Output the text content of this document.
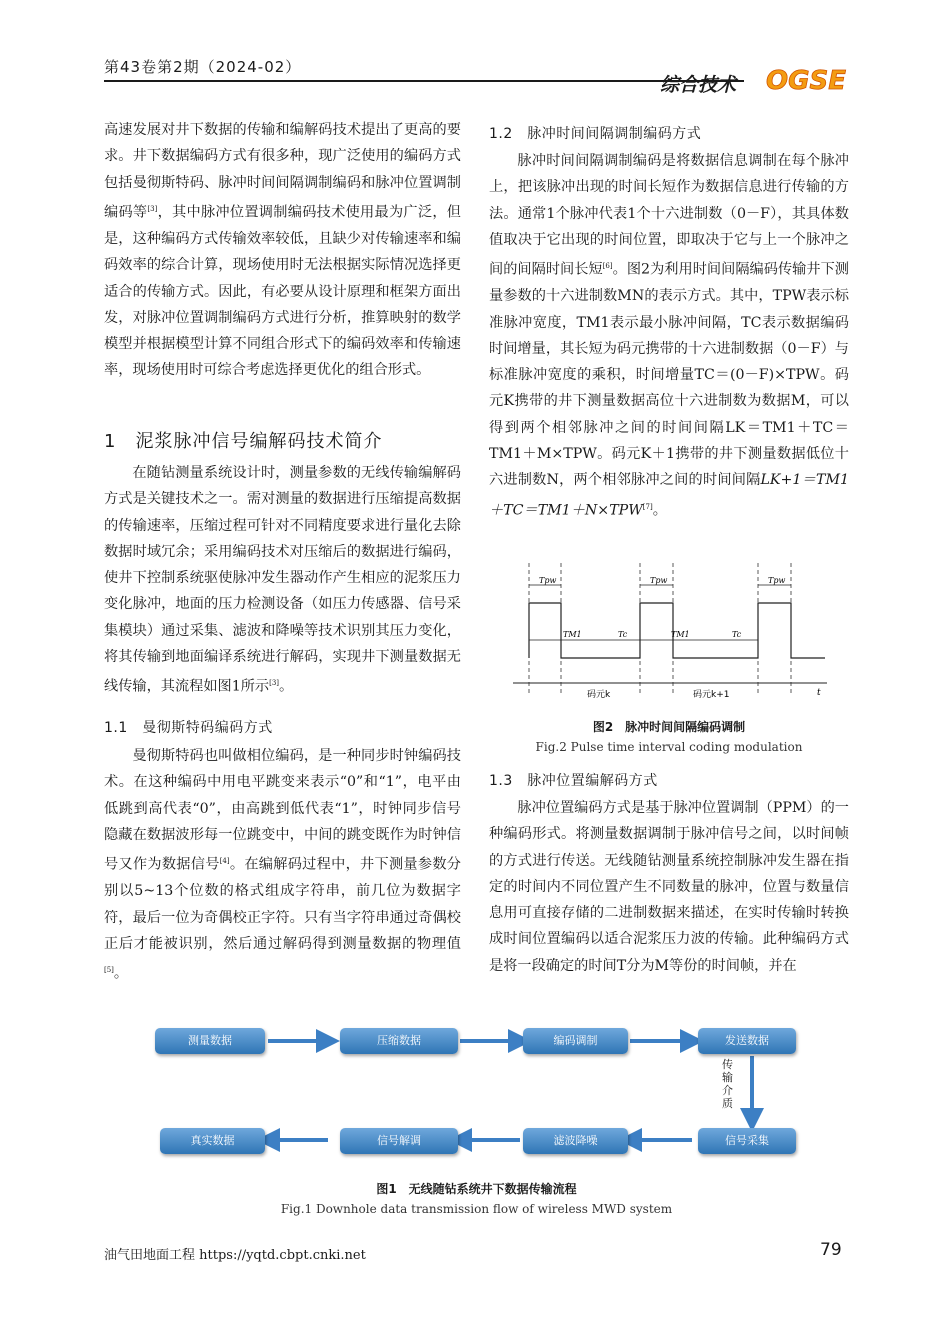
第43卷第2期（2024-02）
综合技术 OGSE

高速发展对井下数据的传输和编解码技术提出了更高的要求。井下数据编码方式有很多种，现广泛使用的编码方式包括曼彻斯特码、脉冲时间间隔调制编码和脉冲位置调制编码等[3]，其中脉冲位置调制编码技术使用最为广泛，但是，这种编码方式传输效率较低，且缺少对传输速率和编码效率的综合计算，现场使用时无法根据实际情况选择更适合的传输方式。因此，有必要从设计原理和框架方面出发，对脉冲位置调制编码方式进行分析，推算映射的数学模型并根据模型计算不同组合形式下的编码效率和传输速率，现场使用时可综合考虑选择更优化的组合形式。

1　泥浆脉冲信号编解码技术简介

在随钻测量系统设计时，测量参数的无线传输编解码方式是关键技术之一。需对测量的数据进行压缩提高数据的传输速率，压缩过程可针对不同精度要求进行量化去除数据时域冗余；采用编码技术对压缩后的数据进行编码，使井下控制系统驱使脉冲发生器动作产生相应的泥浆压力变化脉冲，地面的压力检测设备（如压力传感器、信号采集模块）通过采集、滤波和降噪等技术识别其压力变化，将其传输到地面编译系统进行解码，实现井下测量数据无线传输，其流程如图1所示[3]。

1.1　曼彻斯特码编码方式

曼彻斯特码也叫做相位编码，是一种同步时钟编码技术。在这种编码中用电平跳变来表示“0”和“1”，电平由低跳到高代表“0”，由高跳到低代表“1”，时钟同步信号隐藏在数据波形每一位跳变中，中间的跳变既作为时钟信号又作为数据信号[4]。在编解码过程中，井下测量参数分别以5~13个位数的格式组成字符串，前几位为数据字符，最后一位为奇偶校正字符。只有当字符串通过奇偶校正后才能被识别，然后通过解码得到测量数据的物理值[5]。

1.2　脉冲时间间隔调制编码方式

脉冲时间间隔调制编码是将数据信息调制在每个脉冲上，把该脉冲出现的时间长短作为数据信息进行传输的方法。通常1个脉冲代表1个十六进制数（0－F），其具体数值取决于它出现的时间位置，即取决于它与上一个脉冲之间的间隔时间长短[6]。图2为利用时间间隔编码传输井下测量参数的十六进制数MN的表示方式。其中，TPW表示标准脉冲宽度，TM1表示最小脉冲间隔，TC表示数据编码时间增量，其长短为码元携带的十六进制数据（0－F）与标准脉冲宽度的乘积，时间增量TC＝(0－F)×TPW。码元K携带的井下测量数据高位十六进制数为数据M，可以得到两个相邻脉冲之间的时间间隔LK＝TM1＋TC＝TM1＋M×TPW。码元K＋1携带的井下测量数据低位十六进制数N，两个相邻脉冲之间的时间间隔LK+1＝TM1＋TC＝TM1＋N×TPW[7]。

Tpw	Tpw	Tpw
TM1	Tc	TM1	Tc
码元k	码元k+1	t
图2　脉冲时间间隔编码调制
Fig.2 Pulse time interval coding modulation
1.3　脉冲位置编解码方式

脉冲位置编码方式是基于脉冲位置调制（PPM）的一种编码形式。将测量数据调制于脉冲信号之间，以时间帧的方式进行传送。无线随钻测量系统控制脉冲发生器在指定的时间内不同位置产生不同数量的脉冲，位置与数量信息用可直接存储的二进制数据来描述，在实时传输时转换成时间位置编码以适合泥浆压力波的传输。此种编码方式是将一段确定的时间T分为M等份的时间帧，并在

测量数据	压缩数据	编码调制	发送数据
传输介质
真实数据	信号解调	滤波降噪	信号采集
图1　无线随钻系统井下数据传输流程
Fig.1 Downhole data transmission flow of wireless MWD system
油气田地面工程 https://yqtd.cbpt.cnki.net	79
